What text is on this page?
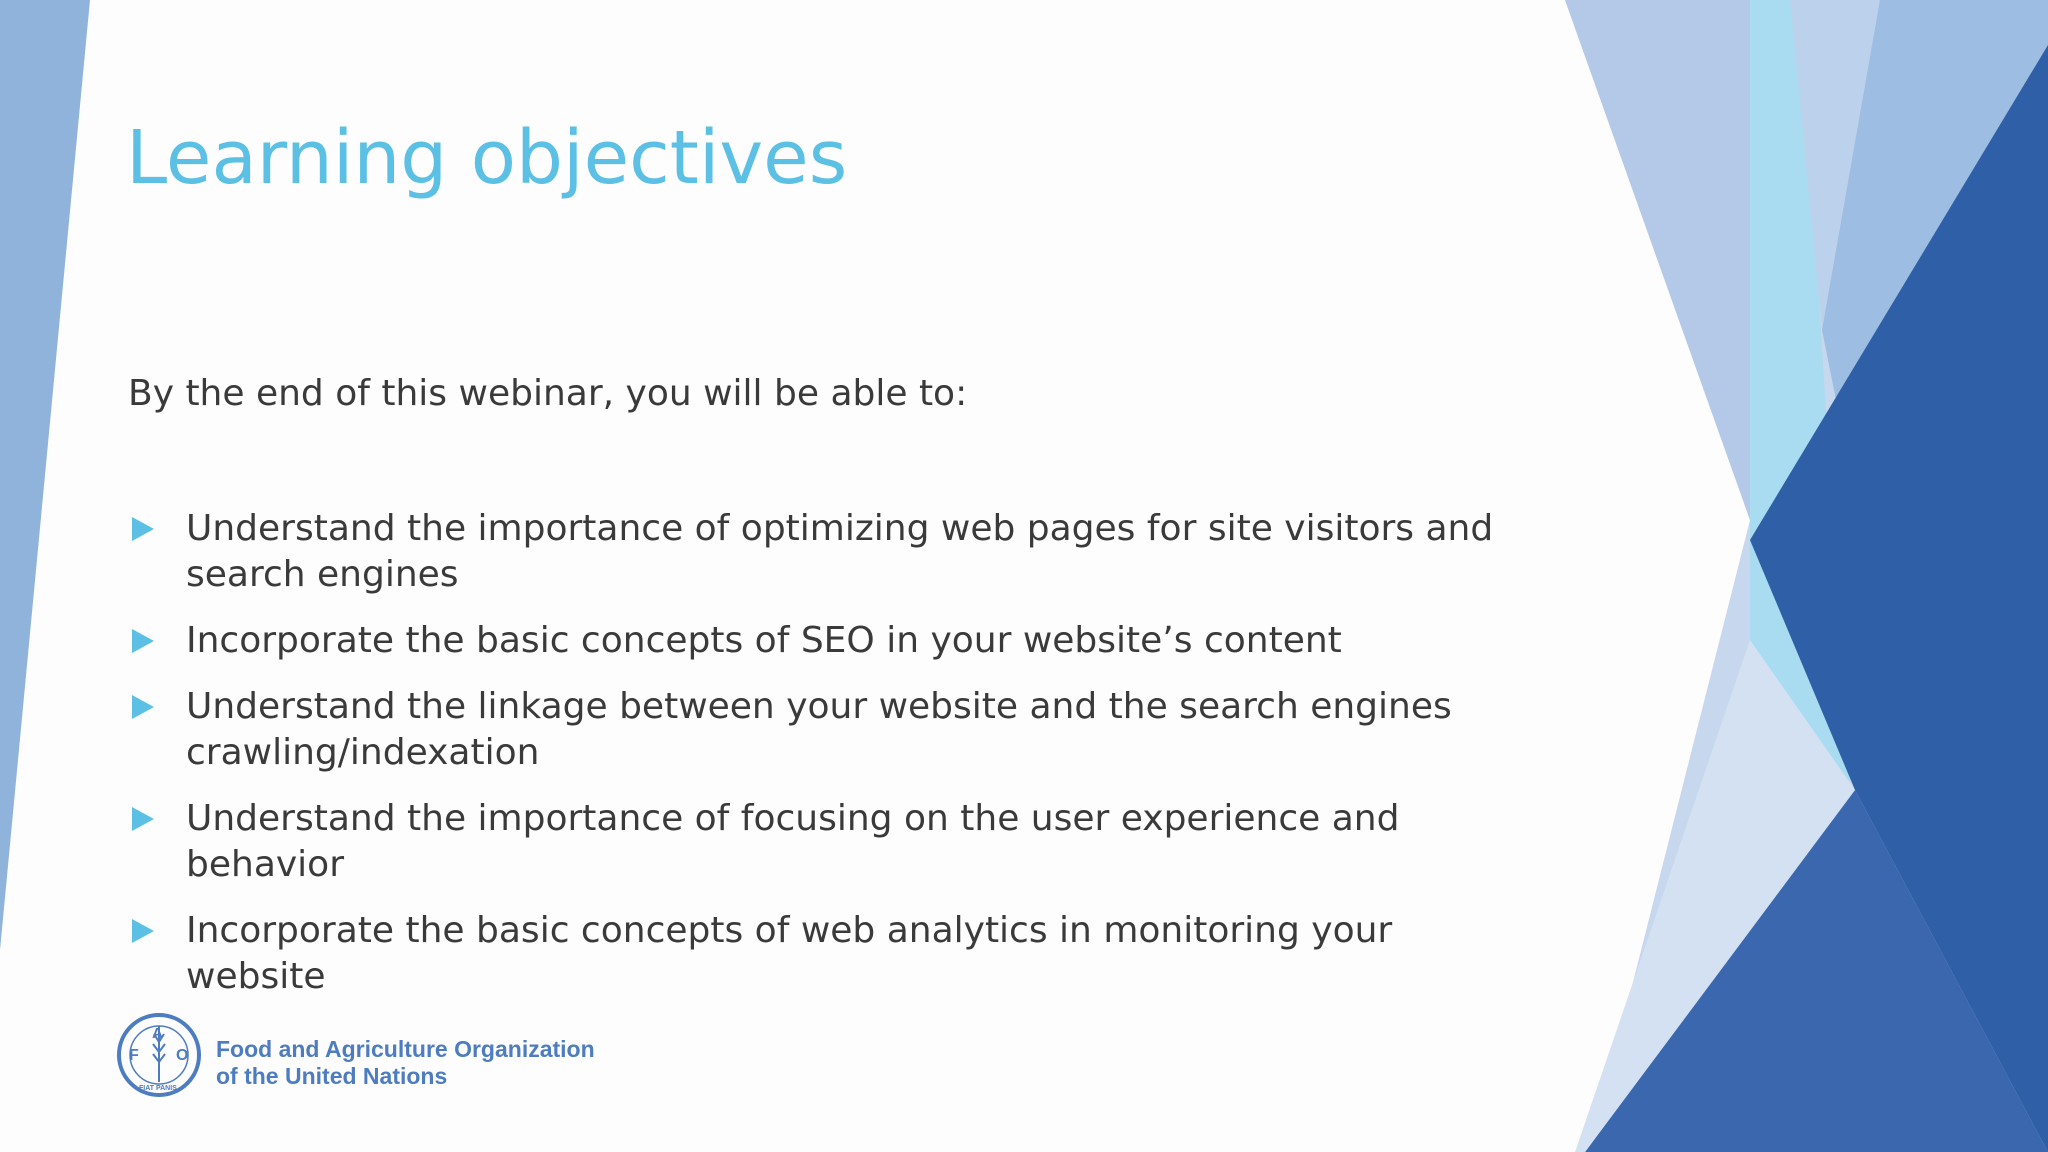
Learning objectives

By the end of this webinar, you will be able to:

Understand the importance of optimizing web pages for site visitors and
search engines
Incorporate the basic concepts of SEO in your website’s content
Understand the linkage between your website and the search engines
crawling/indexation
Understand the importance of focusing on the user experience and behavior
Incorporate the basic concepts of web analytics in monitoring your website
F
A
O
FIAT PANIS
Food and Agriculture Organization
of the United Nations
